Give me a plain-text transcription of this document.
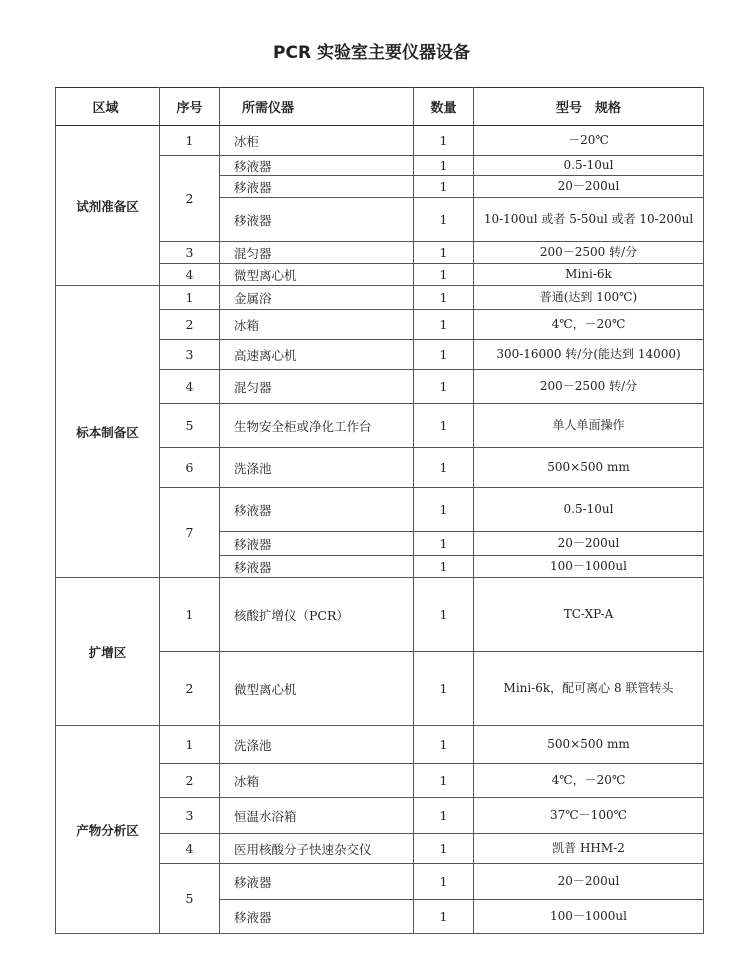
PCR 实验室主要仪器设备
区域	序号	所需仪器	数量	型号　规格
试剂准备区	1	冰柜	1	－20℃
	2	移液器	1	0.5-10ul
		移液器	1	20－200ul
		移液器	1	10-100ul 或者 5-50ul 或者 10-200ul
	3	混匀器	1	200－2500 转/分
	4	微型离心机	1	Mini-6k
标本制备区	1	金属浴	1	普通(达到 100℃)
	2	冰箱	1	4℃，－20℃
	3	高速离心机	1	300-16000 转/分(能达到 14000)
	4	混匀器	1	200－2500 转/分
	5	生物安全柜或净化工作台	1	单人单面操作
	6	洗涤池	1	500×500 mm
	7	移液器	1	0.5-10ul
		移液器	1	20－200ul
		移液器	1	100－1000ul
扩增区	1	核酸扩增仪（PCR）	1	TC-XP-A
	2	微型离心机	1	Mini-6k，配可离心 8 联管转头
产物分析区	1	洗涤池	1	500×500 mm
	2	冰箱	1	4℃，－20℃
	3	恒温水浴箱	1	37℃－100℃
	4	医用核酸分子快速杂交仪	1	凯普 HHM-2
	5	移液器	1	20－200ul
		移液器	1	100－1000ul
